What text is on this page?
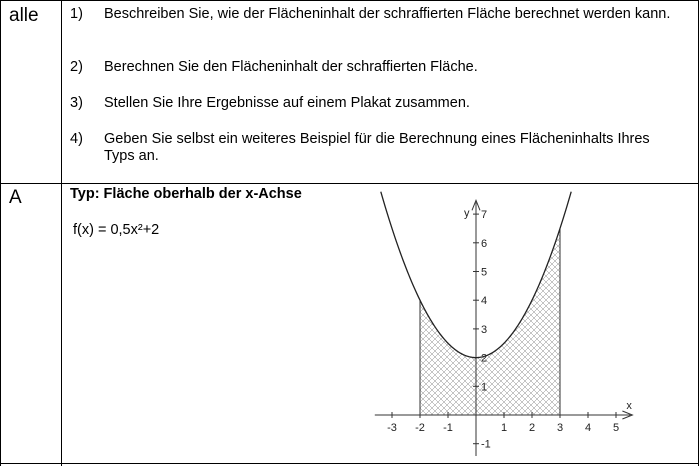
alle 1) Beschreiben Sie, wie der Flächeninhalt der schraffierten Fläche berechnet werden kann.
2) Berechnen Sie den Flächeninhalt der schraffierten Fläche.
3) Stellen Sie Ihre Ergebnisse auf einem Plakat zusammen.
4) Geben Sie selbst ein weiteres Beispiel für die Berechnung eines Flächeninhalts Ihres Typs an.
A	Typ: Fläche oberhalb der x-Achse
f(x) = 0,5x²+2
-3 -2 -1	1 2 3 4 5
-1
1
2
3
4
5
6
7
x
y
